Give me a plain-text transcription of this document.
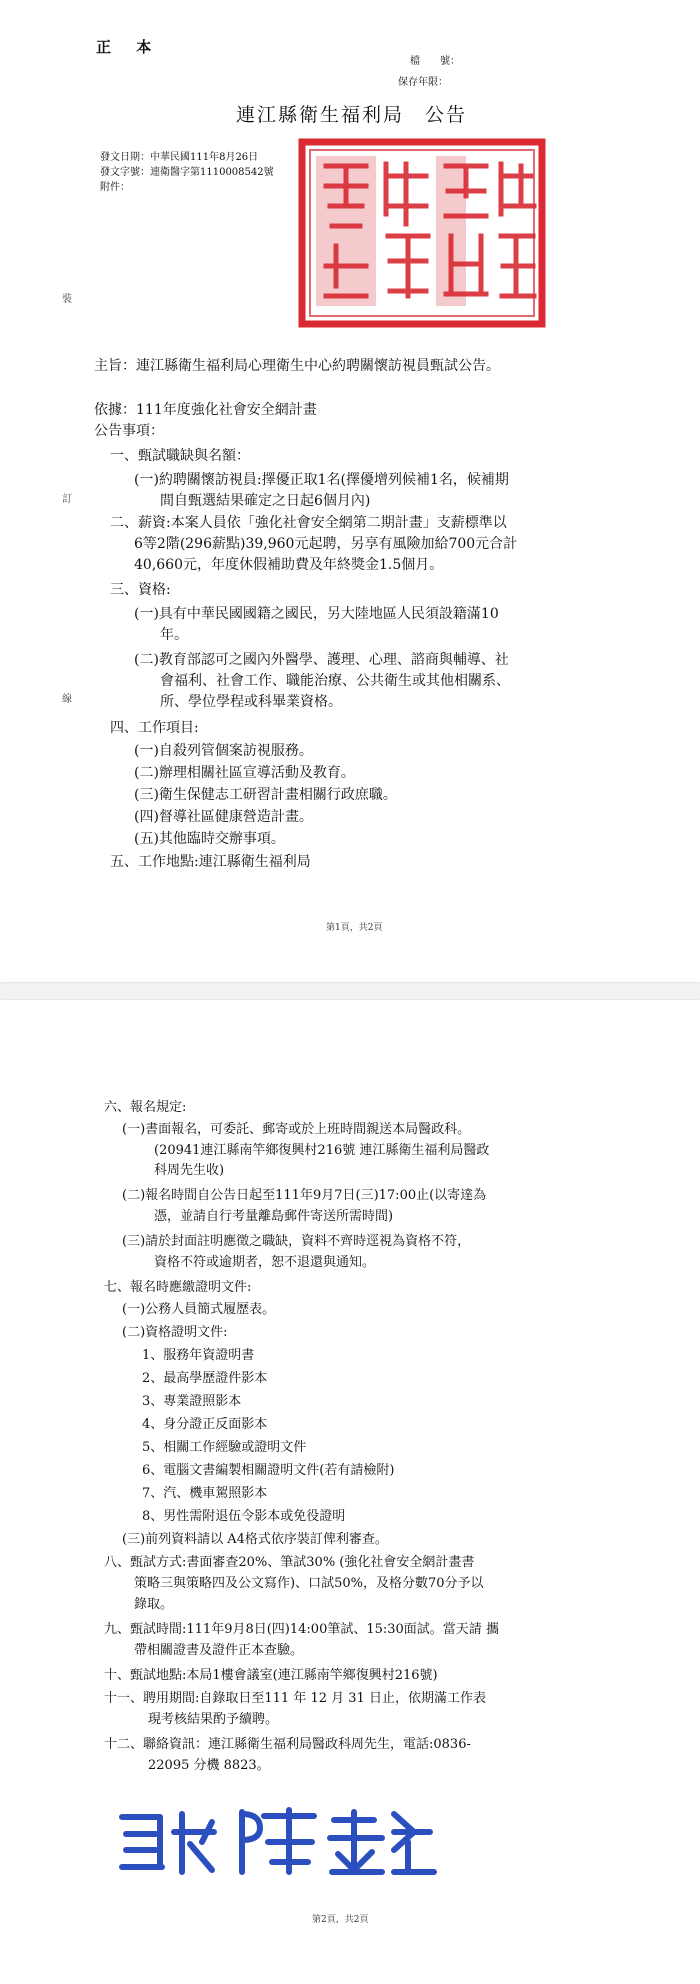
正 本
檔　　號：
保存年限：
連江縣衛生福利局　公告
發文日期：中華民國111年8月26日
發文字號：連衛醫字第1110008542號
附件：
裝
訂
線
主旨：連江縣衛生福利局心理衛生中心約聘關懷訪視員甄試公告。
依據：111年度強化社會安全網計畫
公告事項：
一、甄試職缺與名額：
(一)約聘關懷訪視員:擇優正取1名(擇優增列候補1名，候補期
間自甄選結果確定之日起6個月內)
二、薪資:本案人員依「強化社會安全網第二期計畫」支薪標準以
6等2階(296薪點)39,960元起聘，另享有風險加給700元合計
40,660元，年度休假補助費及年終獎金1.5個月。
三、資格:
(一)具有中華民國國籍之國民，另大陸地區人民須設籍滿10
年。
(二)教育部認可之國內外醫學、護理、心理、諮商與輔導、社
會福利、社會工作、職能治療、公共衛生或其他相關系、
所、學位學程或科畢業資格。
四、工作項目:
(一)自殺列管個案訪視服務。
(二)辦理相關社區宣導活動及教育。
(三)衛生保健志工研習計畫相關行政庶職。
(四)督導社區健康營造計畫。
(五)其他臨時交辦事項。
五、工作地點:連江縣衛生福利局
第1頁，共2頁
六、報名規定:
(一)書面報名，可委託、郵寄或於上班時間親送本局醫政科。
(20941連江縣南竿鄉復興村216號 連江縣衛生福利局醫政
科周先生收)
(二)報名時間自公告日起至111年9月7日(三)17:00止(以寄達為
憑，並請自行考量離島郵件寄送所需時間)
(三)請於封面註明應徵之職缺，資料不齊時逕視為資格不符，
資格不符或逾期者，恕不退還與通知。
七、報名時應繳證明文件:
(一)公務人員簡式履歷表。
(二)資格證明文件:
1、服務年資證明書
2、最高學歷證件影本
3、專業證照影本
4、身分證正反面影本
5、相關工作經驗或證明文件
6、電腦文書編製相關證明文件(若有請檢附)
7、汽、機車駕照影本
8、男性需附退伍令影本或免役證明
(三)前列資料請以 A4格式依序裝訂俾利審查。
八、甄試方式:書面審查20%、筆試30% (強化社會安全網計畫書
策略三與策略四及公文寫作)、口試50%，及格分數70分予以
錄取。
九、甄試時間:111年9月8日(四)14:00筆試、15:30面試。當天請 攜
帶相關證書及證件正本查驗。
十、甄試地點:本局1樓會議室(連江縣南竿鄉復興村216號)
十一、聘用期間:自錄取日至111 年 12 月 31 日止，依期滿工作表
現考核結果酌予續聘。
十二、聯絡資訊：連江縣衛生福利局醫政科周先生，電話:0836-
22095 分機 8823。
第2頁，共2頁
